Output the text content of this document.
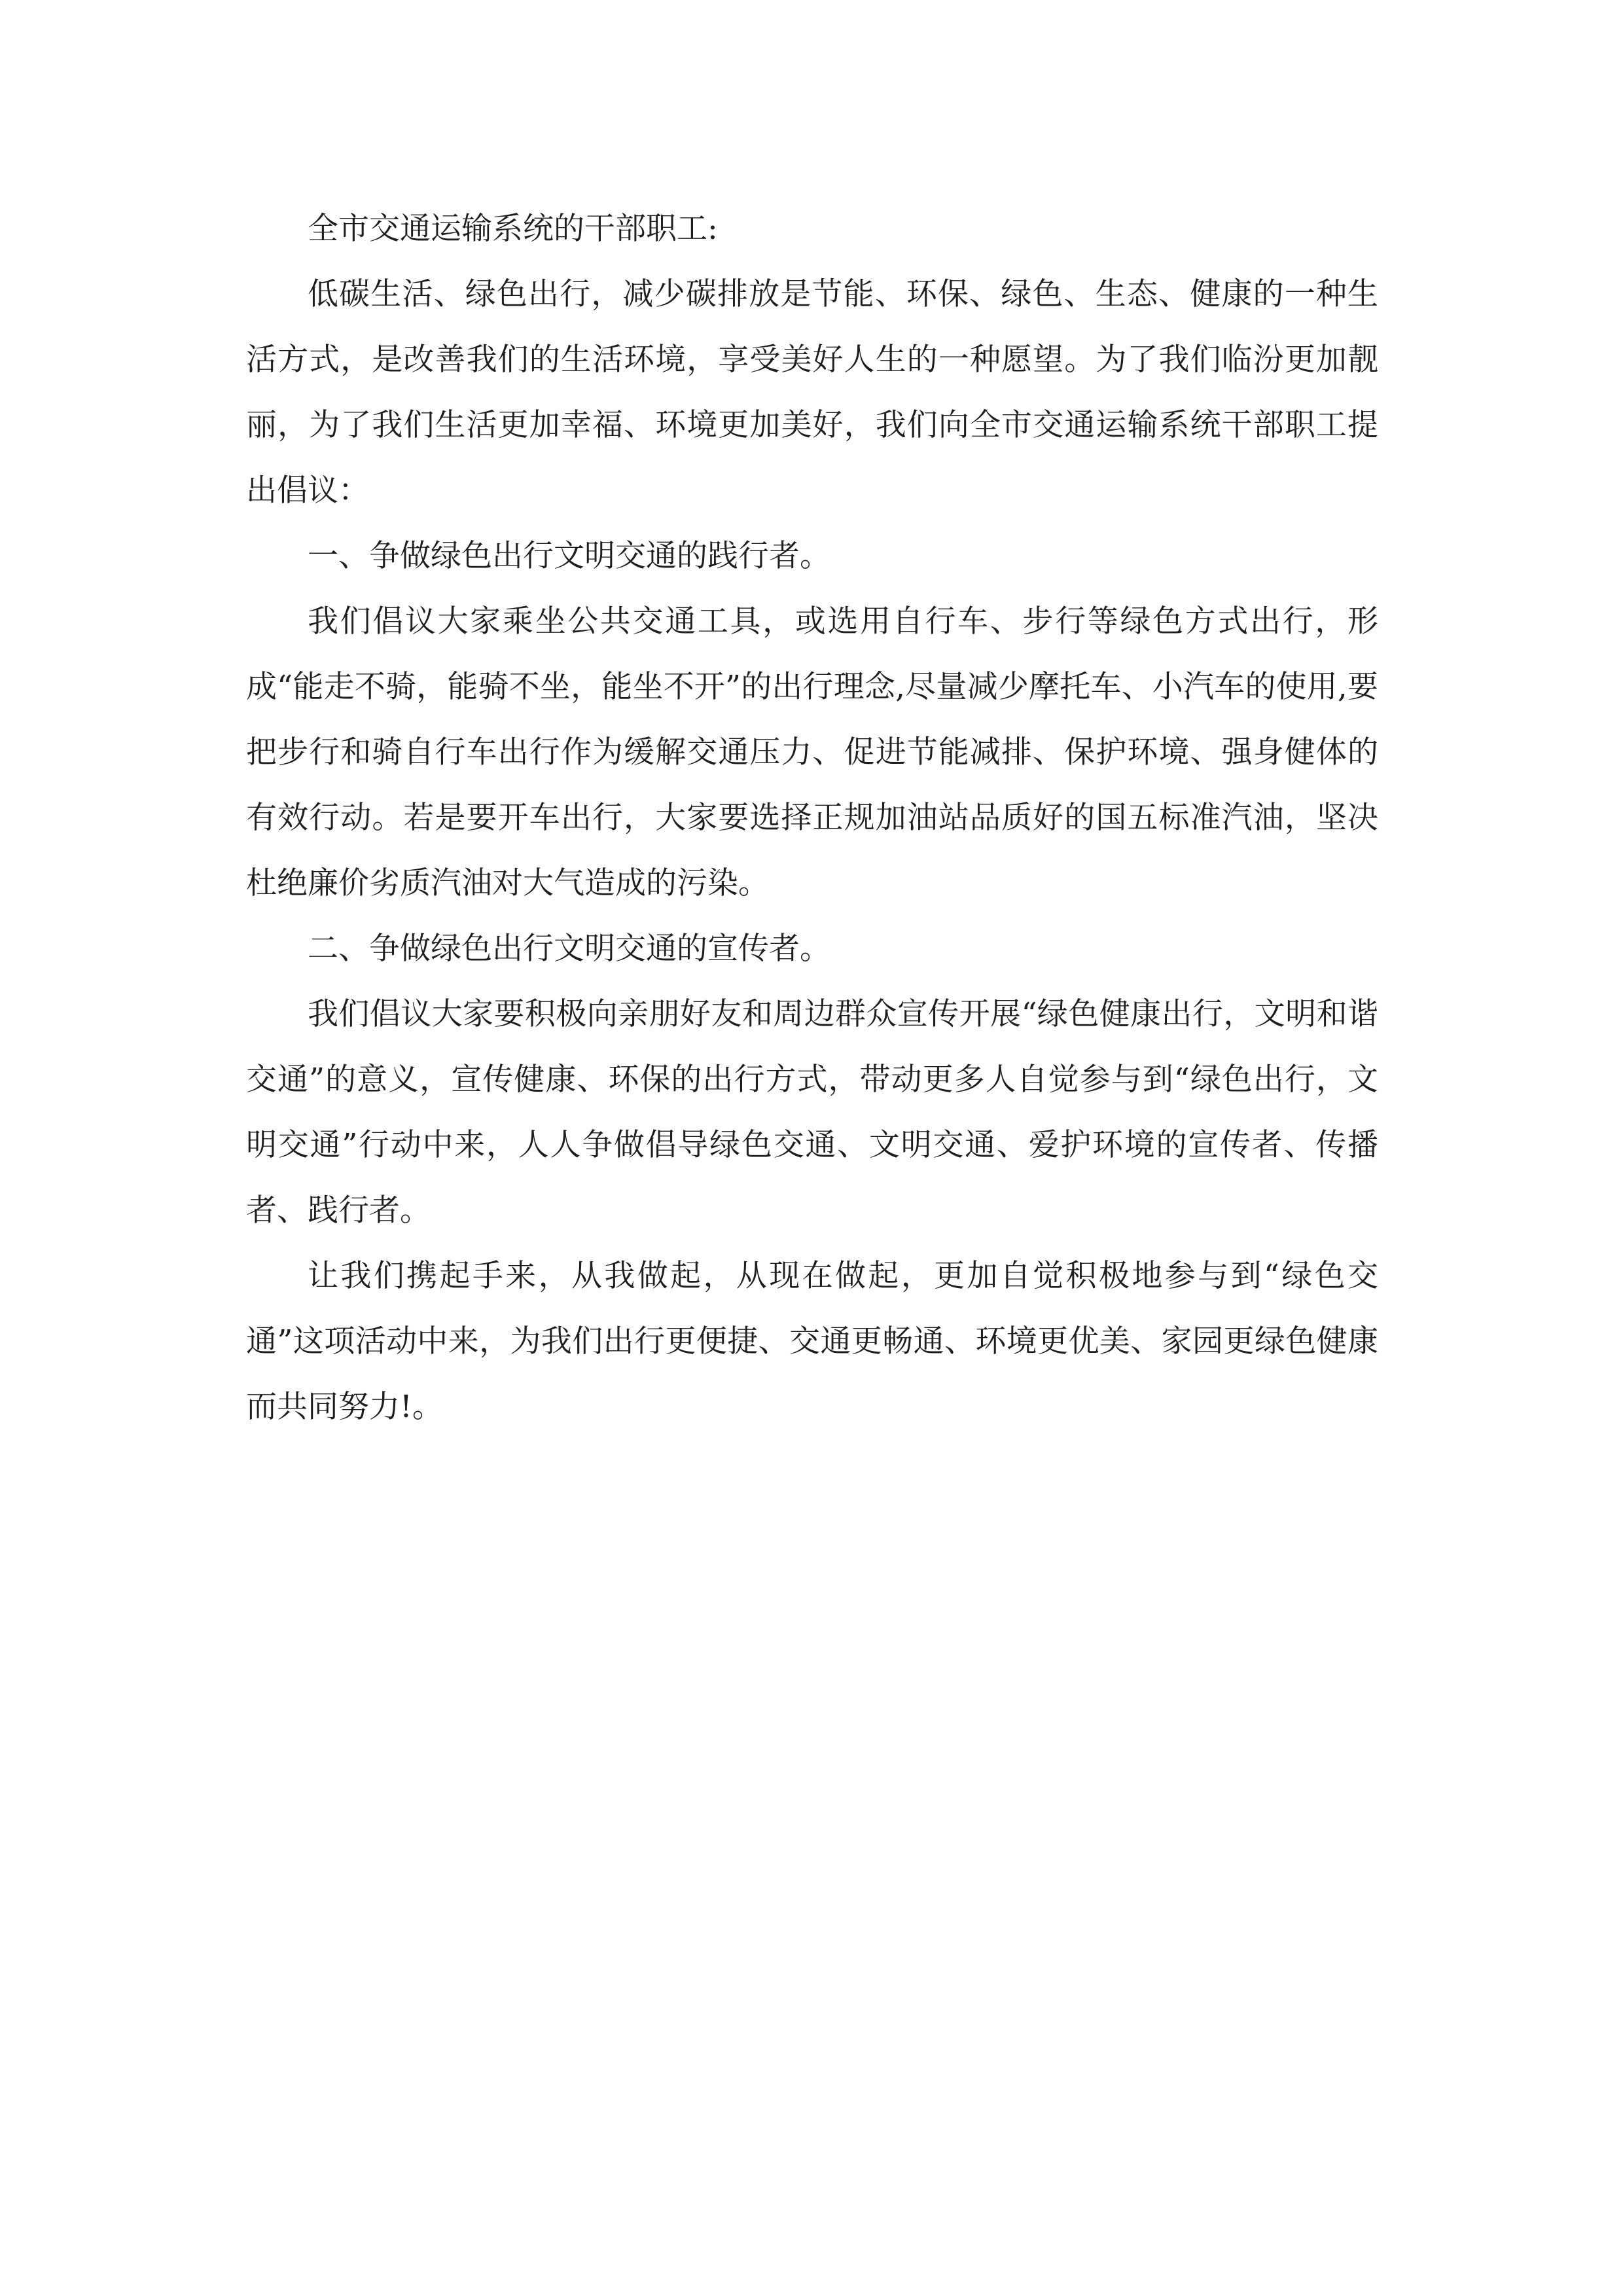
全市交通运输系统的干部职工:

低碳生活、绿色出行，减少碳排放是节能、环保、绿色、生态、健康的一种生活方式，是改善我们的生活环境，享受美好人生的一种愿望。为了我们临汾更加靓丽，为了我们生活更加幸福、环境更加美好，我们向全市交通运输系统干部职工提出倡议：

一、争做绿色出行文明交通的践行者。

我们倡议大家乘坐公共交通工具，或选用自行车、步行等绿色方式出行，形成“能走不骑，能骑不坐，能坐不开”的出行理念,尽量减少摩托车、小汽车的使用,要把步行和骑自行车出行作为缓解交通压力、促进节能减排、保护环境、强身健体的有效行动。若是要开车出行，大家要选择正规加油站品质好的国五标准汽油，坚决杜绝廉价劣质汽油对大气造成的污染。

二、争做绿色出行文明交通的宣传者。

我们倡议大家要积极向亲朋好友和周边群众宣传开展“绿色健康出行，文明和谐交通”的意义，宣传健康、环保的出行方式，带动更多人自觉参与到“绿色出行，文明交通”行动中来，人人争做倡导绿色交通、文明交通、爱护环境的宣传者、传播者、践行者。

让我们携起手来，从我做起，从现在做起，更加自觉积极地参与到“绿色交通”这项活动中来，为我们出行更便捷、交通更畅通、环境更优美、家园更绿色健康而共同努力!。
